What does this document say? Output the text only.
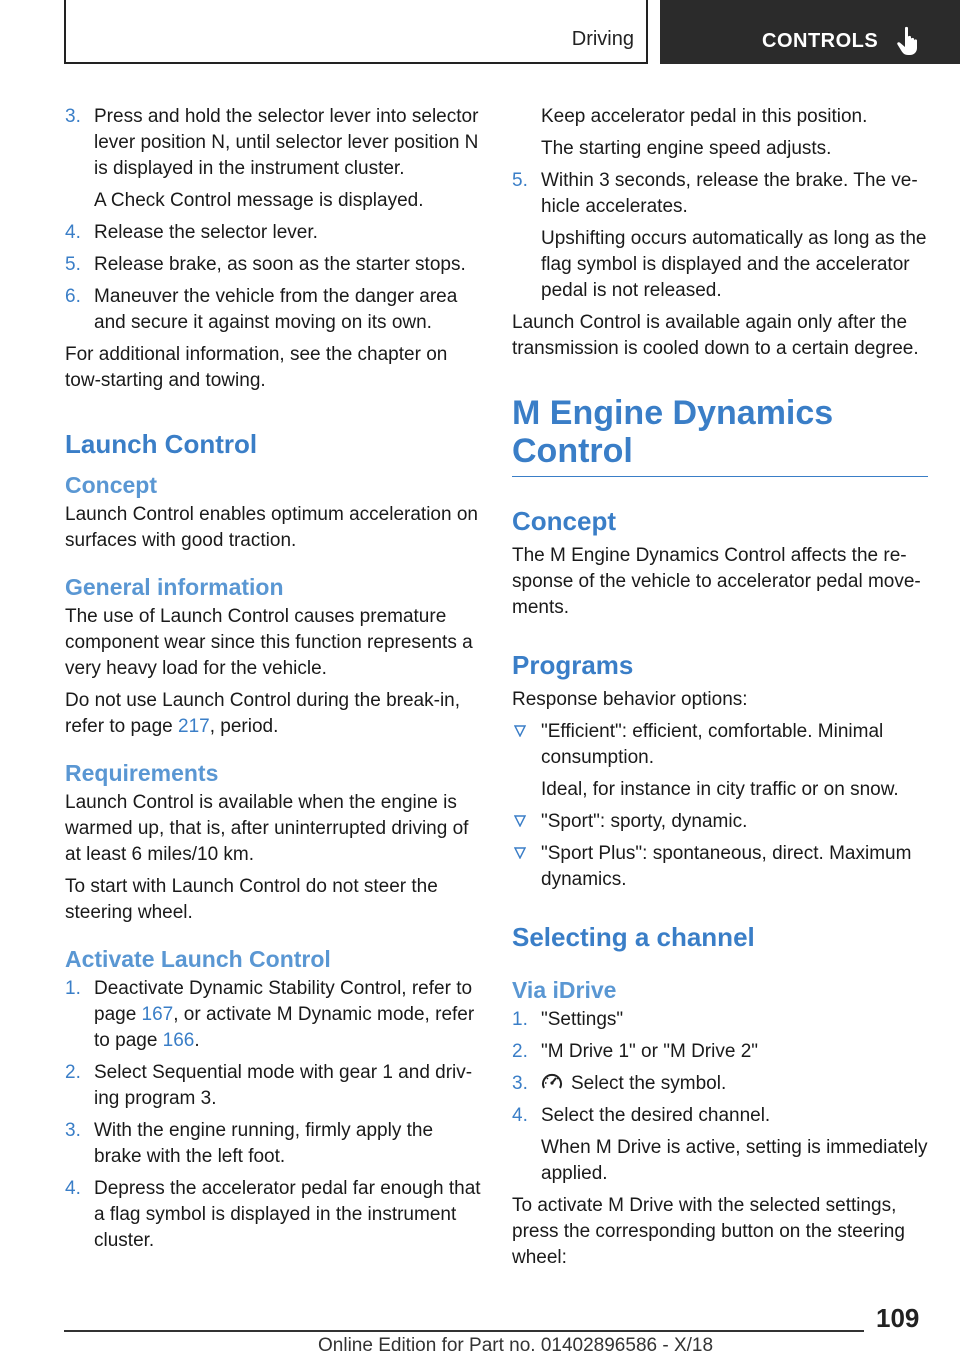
Driving	CONTROLS
3. Press and hold the selector lever into selector lever position N, until selector lever position N is displayed in the instrument cluster.
A Check Control message is displayed.
4. Release the selector lever.
5. Release brake, as soon as the starter stops.
6. Maneuver the vehicle from the danger area and secure it against moving on its own.

For additional information, see the chapter on tow-starting and towing.

Launch Control
Concept

Launch Control enables optimum acceleration on surfaces with good traction.

General information

The use of Launch Control causes premature component wear since this function represents a very heavy load for the vehicle.

Do not use Launch Control during the break-in, refer to page 217, period.

Requirements

Launch Control is available when the engine is warmed up, that is, after uninterrupted driving of at least 6 miles/10 km.

To start with Launch Control do not steer the steering wheel.

Activate Launch Control
1. Deactivate Dynamic Stability Control, refer to page 167, or activate M Dynamic mode, refer to page 166.
2. Select Sequential mode with gear 1 and driving program 3.
3. With the engine running, firmly apply the brake with the left foot.
4. Depress the accelerator pedal far enough that a flag symbol is displayed in the instrument cluster.
Keep accelerator pedal in this position.
The starting engine speed adjusts.
5. Within 3 seconds, release the brake. The vehicle accelerates.
Upshifting occurs automatically as long as the flag symbol is displayed and the accelerator pedal is not released.

Launch Control is available again only after the transmission is cooled down to a certain degree.

M Engine Dynamics Control
Concept

The M Engine Dynamics Control affects the response of the vehicle to accelerator pedal movements.

Programs

Response behavior options:

"Efficient": efficient, comfortable. Minimal consumption.
Ideal, for instance in city traffic or on snow.
"Sport": sporty, dynamic.
"Sport Plus": spontaneous, direct. Maximum dynamics.
Selecting a channel
Via iDrive
1. "Settings"
2. "M Drive 1" or "M Drive 2"
3. Select the symbol.
4. Select the desired channel.
When M Drive is active, setting is immediately applied.

To activate M Drive with the selected settings, press the corresponding button on the steering wheel:

109
Online Edition for Part no. 01402896586 - X/18
